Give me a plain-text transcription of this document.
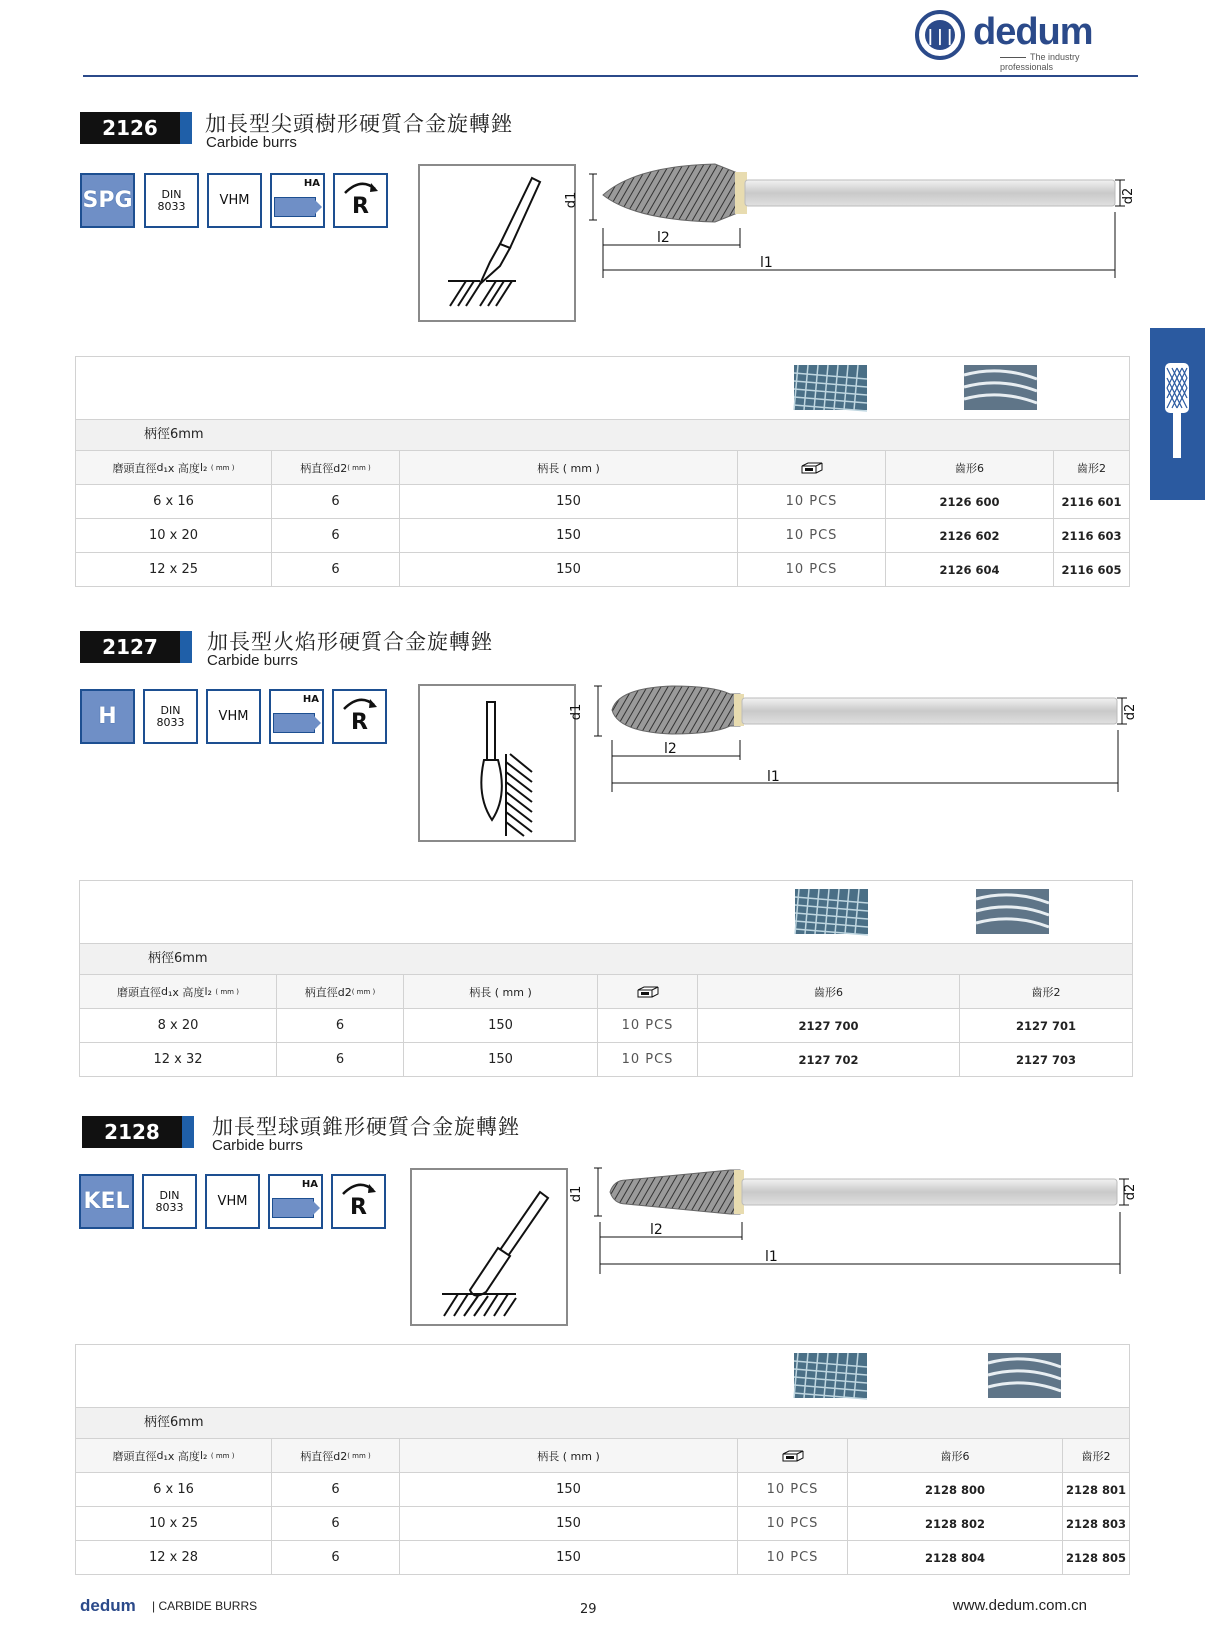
||| dedum
The industry professionals
2126	加長型尖頭樹形硬質合金旋轉銼
Carbide burrs
SPG	DIN
8033	VHM
HA
R	d1	d2
l2
l1
柄徑6mm
磨頭直徑 d ₁x 高度 l₂
( mm )	柄直徑d2 ( mm )	柄長 ( mm )	齒形6	齒形2
6 x 16	6	150	10 PCS	2126 600	2116 601
10 x 20	6	150	10 PCS	2126 602	2116 603
12 x 25	6	150	10 PCS	2126 604	2116 605
2127	加長型火焰形硬質合金旋轉銼
Carbide burrs
H	DIN
8033	VHM
HA
R	d1	d2
l2
l1
柄徑6mm
磨頭直徑 d ₁x 高度 l₂
( mm )	柄直徑d2 ( mm )	柄長 ( mm )	齒形6	齒形2
8 x 20	6	150	10 PCS	2127 700	2127 701
12 x 32	6	150	10 PCS	2127 702	2127 703
2128	加長型球頭錐形硬質合金旋轉銼
Carbide burrs
KEL	DIN
8033	VHM
HA
R
d1	d2
l2
l1
柄徑6mm
磨頭直徑 d ₁x 高度 l₂
( mm )	柄直徑d2 ( mm )	柄長 ( mm )	齒形6	齒形2
6 x 16	6	150	10 PCS	2128 800	2128 801
10 x 25	6	150	10 PCS	2128 802	2128 803
12 x 28	6	150	10 PCS	2128 804	2128 805
dedum | CARBIDE BURRS	29	www.dedum.com.cn
